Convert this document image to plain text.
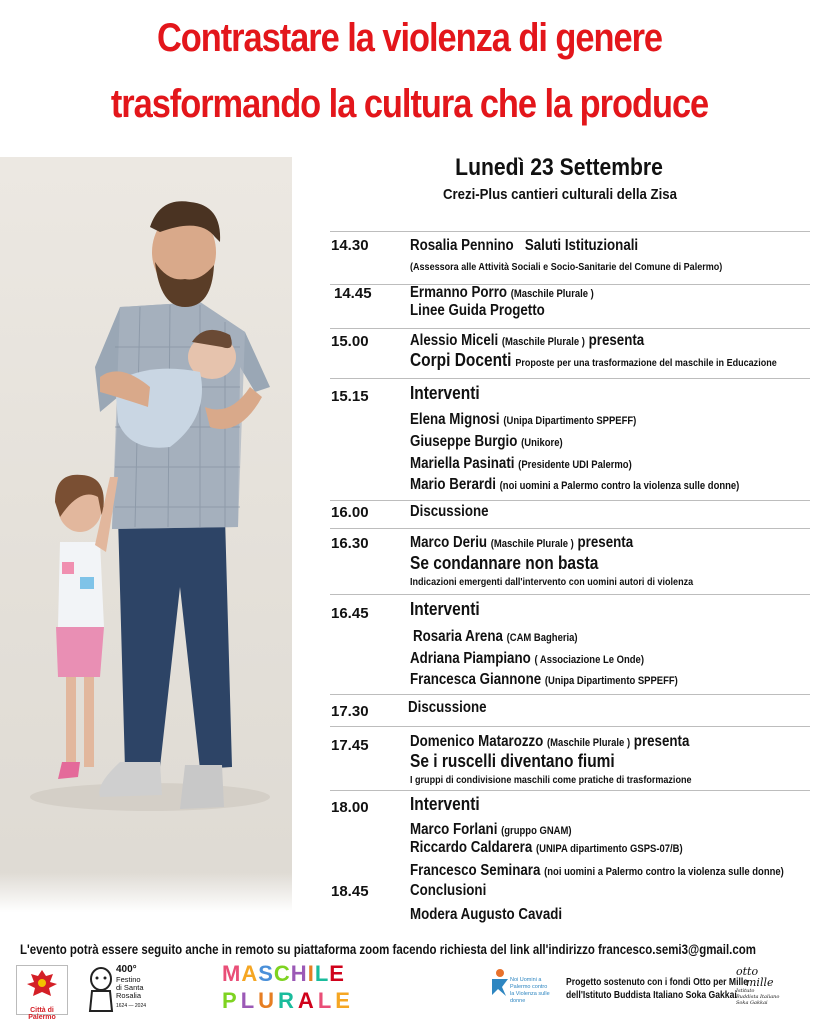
Contrastare la violenza di genere
trasformando la cultura che la produce
Lunedì 23 Settembre
Crezi-Plus cantieri culturali della Zisa
14.30	Rosalia Pennino Saluti Istituzionali
(Assessora alle Attività Sociali e Socio-Sanitarie del Comune di Palermo)
14.45 Ermanno Porro (Maschile Plurale )
Linee Guida Progetto
15.00	Alessio Miceli (Maschile Plurale ) presenta
Corpi Docenti Proposte per una trasformazione del maschile in Educazione
15.15 Interventi
Elena Mignosi (Unipa Dipartimento SPPEFF)
Giuseppe Burgio (Unikore)
Mariella Pasinati (Presidente UDI Palermo)
Mario Berardi (noi uomini a Palermo contro la violenza sulle donne)
16.00	Discussione
16.30	Marco Deriu (Maschile Plurale ) presenta
Se condannare non basta
Indicazioni emergenti dall'intervento con uomini autori di violenza
16.45 Interventi
Rosaria Arena (CAM Bagheria)
Adriana Piampiano ( Associazione Le Onde)
Francesca Giannone (Unipa Dipartimento SPPEFF)
17.30	Discussione
17.45	Domenico Matarozzo (Maschile Plurale ) presenta
Se i ruscelli diventano fiumi
I gruppi di condivisione maschili come pratiche di trasformazione
18.00 Interventi
Marco Forlani (gruppo GNAM)
Riccardo Caldarera (UNIPA dipartimento GSPS-07/B)
Francesco Seminara (noi uomini a Palermo contro la violenza sulle donne)
18.45	Conclusioni
Modera Augusto Cavadi
L'evento potrà essere seguito anche in remoto su piattaforma zoom facendo richiesta del link all'indirizzo francesco.semi3@gmail.com
Città di Palermo
400°
Festino
di Santa
Rosalia
1624 — 2024
MASCHILE
PLURALE
Noi Uomini a
Palermo contro
la Violenza sulle
donne
Progetto sostenuto con i fondi Otto per Mille
dell'Istituto Buddista Italiano Soka Gakkai
otto
mille
Istituto
Buddista Italiano
Soka Gakkai
